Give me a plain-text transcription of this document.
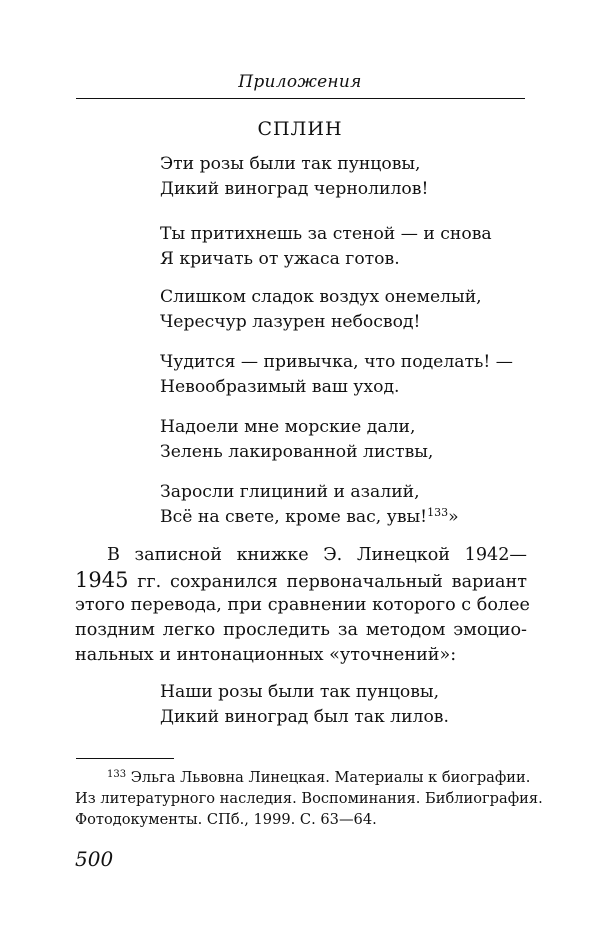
Приложения
СПЛИН
Эти розы были так пунцовы,
Дикий виноград чернолилов!
Ты притихнешь за стеной — и снова
Я кричать от ужаса готов.
Слишком сладок воздух онемелый,
Чересчур лазурен небосвод!
Чудится — привычка, что поделать! —
Невообразимый ваш уход.
Надоели мне морские дали,
Зелень лакированной листвы,
Заросли глициний и азалий,
Всё на свете, кроме вас, увы!$^{133}$»
В записной книжке Э. Линецкой 1942—
1945 гг. сохранился первоначальный вариант
этого перевода, при сравнении которого с более
поздним легко проследить за методом эмоцио-
нальных и интонационных «уточнений»:
Наши розы были так пунцовы,
Дикий виноград был так лилов.
$^{133}$ Эльга Львовна Линецкая. Материалы к биографии.
Из литературного наследия. Воспоминания. Библиография.
Фотодокументы. СПб., 1999. С. 63—64.
500
